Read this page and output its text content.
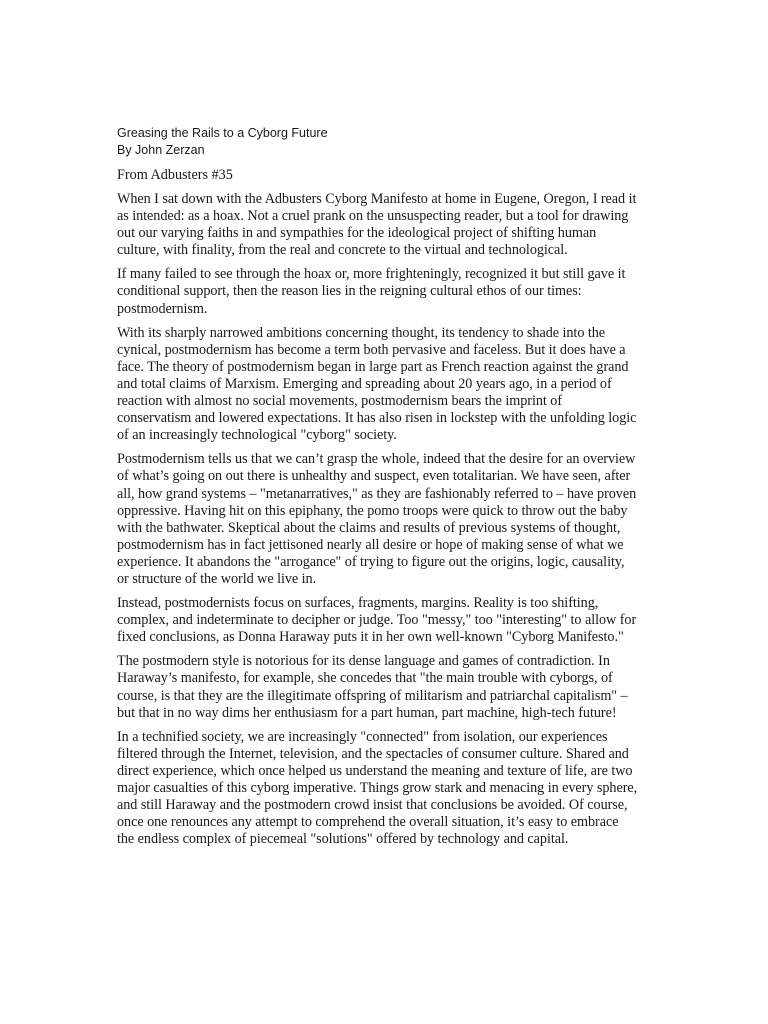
Greasing the Rails to a Cyborg Future
By John Zerzan

From Adbusters #35

When I sat down with the Adbusters Cyborg Manifesto at home in Eugene, Oregon, I read it as intended: as a hoax. Not a cruel prank on the unsuspecting reader, but a tool for drawing out our varying faiths in and sympathies for the ideological project of shifting human culture, with finality, from the real and concrete to the virtual and technological.

If many failed to see through the hoax or, more frighteningly, recognized it but still gave it conditional support, then the reason lies in the reigning cultural ethos of our times: postmodernism.

With its sharply narrowed ambitions concerning thought, its tendency to shade into the cynical, postmodernism has become a term both pervasive and faceless. But it does have a face. The theory of postmodernism began in large part as French reaction against the grand and total claims of Marxism. Emerging and spreading about 20 years ago, in a period of reaction with almost no social movements, postmodernism bears the imprint of conservatism and lowered expectations. It has also risen in lockstep with the unfolding logic of an increasingly technological "cyborg" society.

Postmodernism tells us that we can’t grasp the whole, indeed that the desire for an overview of what’s going on out there is unhealthy and suspect, even totalitarian. We have seen, after all, how grand systems – "metanarratives," as they are fashionably referred to – have proven oppressive. Having hit on this epiphany, the pomo troops were quick to throw out the baby with the bathwater. Skeptical about the claims and results of previous systems of thought, postmodernism has in fact jettisoned nearly all desire or hope of making sense of what we experience. It abandons the "arrogance" of trying to figure out the origins, logic, causality, or structure of the world we live in.

Instead, postmodernists focus on surfaces, fragments, margins. Reality is too shifting, complex, and indeterminate to decipher or judge. Too "messy," too "interesting" to allow for fixed conclusions, as Donna Haraway puts it in her own well-known "Cyborg Manifesto."

The postmodern style is notorious for its dense language and games of contradiction. In Haraway’s manifesto, for example, she concedes that "the main trouble with cyborgs, of course, is that they are the illegitimate offspring of militarism and patriarchal capitalism" – but that in no way dims her enthusiasm for a part human, part machine, high-tech future!

In a technified society, we are increasingly "connected" from isolation, our experiences filtered through the Internet, television, and the spectacles of consumer culture. Shared and direct experience, which once helped us understand the meaning and texture of life, are two major casualties of this cyborg imperative. Things grow stark and menacing in every sphere, and still Haraway and the postmodern crowd insist that conclusions be avoided. Of course, once one renounces any attempt to comprehend the overall situation, it’s easy to embrace the endless complex of piecemeal "solutions" offered by technology and capital.
